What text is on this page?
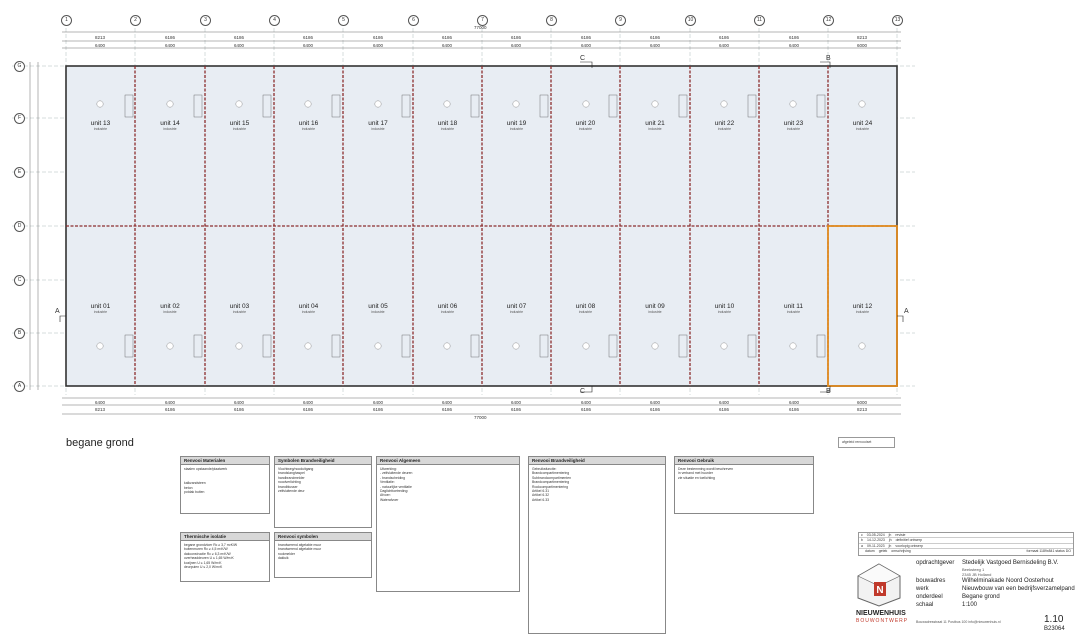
1	2	3	4	5	6	7	8	9	10	11	12	13
G
F
E
D
C
B
A
77000
77000
8213	6186	6186	6186	6186	6186	6186	6186	6186	6186	6186	8213
6400	6400	6400	6400	6400	6400	6400	6400	6400	6400	6400	6000
6400	6400	6400	6400	6400	6400	6400	6400	6400	6400	6400	6000
8213	6186	6186	6186	6186	6186	6186	6186	6186	6186	6186	8213
A	A
B
B
C
C
unit 13
industrie
unit 14
industrie
unit 15
industrie
unit 16
industrie
unit 17
industrie
unit 18
industrie
unit 19
industrie
unit 20
industrie
unit 21
industrie
unit 22
industrie
unit 23
industrie
unit 24
industrie
unit 01
industrie
unit 02
industrie
unit 03
industrie
unit 04
industrie
unit 05
industrie
unit 06
industrie
unit 07
industrie
unit 08
industrie
unit 09
industrie
unit 10
industrie
unit 11
industrie
unit 12
industrie
begane grond	afgeleid renvooiset
Renvooi Materialen
staalen opstaande/plaatwerk
kalkzandsteen
beton
potdak buiten
Symbolen Brandveiligheid
Vluchtweg/nooduitgang
brandslanghaspel
handbrandmelder
noodverlichting
brandblusser
zelfsluitende deur
Renvooi Algemeen
Uitwerking:
- zelfsluitende deuren
- brandscheiding
Ventilatie:
- natuurlijke ventilatie
Daglichttoetreding:
Afvoer:
Waterafvoer
Renvooi Brandveiligheid
Gebruiksfunctie:
Brandcompartimentering
Subbrandcompartimenten
Brandcompartimentering
Rookcompartimentering
Artikel 6.31
Artikel 6.32
Artikel 6.33
Renvooi Gebruik
Deze bestemming wordt beschreven
in verband met huurder
zie situatie en toelichting
Thermische isolatie
begane grondvloer Rc ≥ 3,7 m²K/W
buitenmuren Rc ≥ 4,5 m²K/W
dakconstructie Rc ≥ 6,3 m²K/W
overheaddeuren U ≤ 1,65 W/m²K
kozijnen U ≤ 1,65 W/m²K
deurpuien U ≤ 2,0 W/m²K
Renvooi symbolen
brandwerend afgelakte muur
brandwerend afgelakte muur
rookmelder
dakluik
c 03-05-2024 jh revisie
b 14-12-2023 jh definitief ontwerp
a 09-11-2023 jh voorlopig ontwerp
datum getek omschrijving	formaat 1189x841 status DO
N
NIEUWENHUIS
BOUWONTWERP
opdrachtgever Stedelijk Vastgoed Bernisdeling B.V.
Beeksteeg 1
2345 JB Holland
bouwadres	Wilhelminakade Noord Oosterhout
werk	Nieuwbouw van een bedrijfsverzamelpand
onderdeel	Begane grond
schaal	1:100
1.10
B23064
Bouwadresstraat 11 Postbus 100 info@nieuwenhuis.nl
